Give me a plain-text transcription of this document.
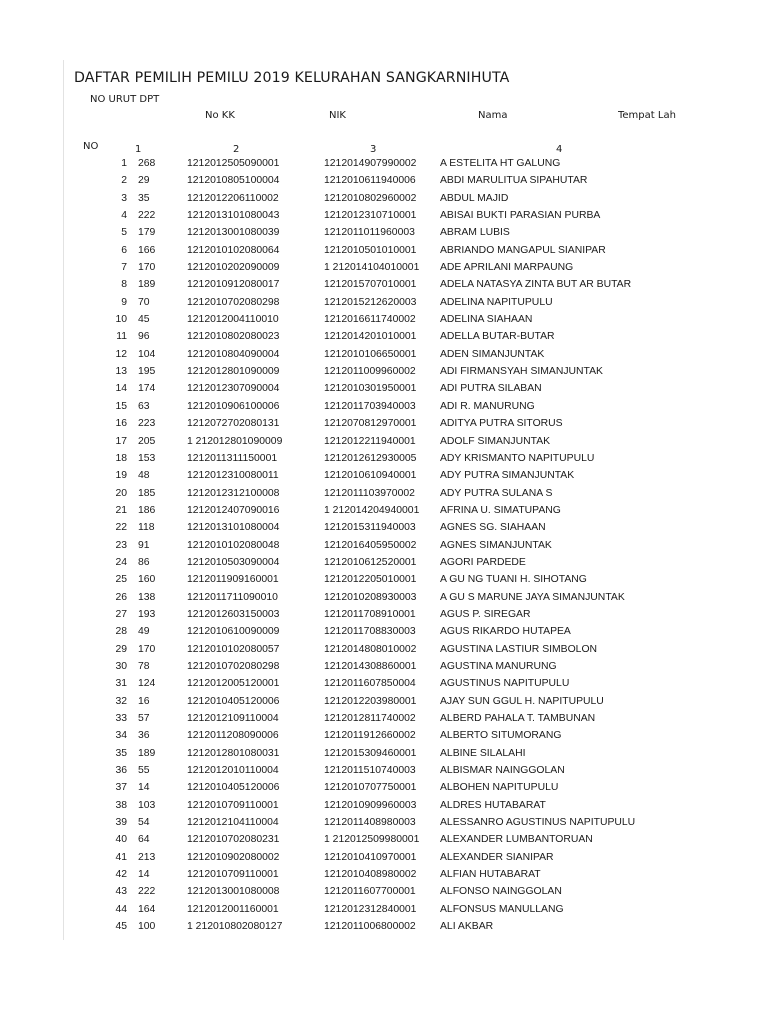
DAFTAR PEMILIH PEMILU 2019 KELURAHAN SANGKARNIHUTA
NO URUT DPT
No KK	NIK	Nama	Tempat Lah
NO	1	2	3	4
1 268	1212012505090001	1212014907990002 A ESTELITA HT GALUNG
2 29	1212010805100004	1212010611940006 ABDI MARULITUA SIPAHUTAR
3 35	1212012206110002	1212010802960002 ABDUL MAJID
4 222	1212013101080043	1212012310710001 ABISAI BUKTI PARASIAN PURBA
5 179	1212013001080039	1212011011960003 ABRAM LUBIS
6 166	1212010102080064	1212010501010001 ABRIANDO MANGAPUL SIANIPAR
7 170	1212010202090009	1 212014104010001 ADE APRILANI MARPAUNG
8 189	1212010912080017	1212015707010001 ADELA NATASYA ZINTA BUT AR BUTAR
9 70	1212010702080298	1212015212620003 ADELINA NAPITUPULU
10 45	1212012004110010	1212016611740002 ADELINA SIAHAAN
11 96	1212010802080023	1212014201010001 ADELLA BUTAR-BUTAR
12 104	1212010804090004	1212010106650001 ADEN SIMANJUNTAK
13 195	1212012801090009	1212011009960002 ADI FIRMANSYAH SIMANJUNTAK
14 174	1212012307090004	1212010301950001 ADI PUTRA SILABAN
15 63	1212010906100006	1212011703940003 ADI R. MANURUNG
16 223	1212072702080131	1212070812970001 ADITYA PUTRA SITORUS
17 205	1 212012801090009	1212012211940001 ADOLF SIMANJUNTAK
18 153	1212011311150001	1212012612930005 ADY KRISMANTO NAPITUPULU
19 48	1212012310080011	1212010610940001 ADY PUTRA SIMANJUNTAK
20 185	1212012312100008	1212011103970002 ADY PUTRA SULANA S
21 186	1212012407090016	1 212014204940001 AFRINA U. SIMATUPANG
22 118	1212013101080004	1212015311940003 AGNES SG. SIAHAAN
23 91	1212010102080048	1212016405950002 AGNES SIMANJUNTAK
24 86	1212010503090004	1212010612520001 AGORI PARDEDE
25 160	1212011909160001	1212012205010001 A GU NG TUANI H. SIHOTANG
26 138	1212011711090010	1212010208930003 A GU S MARUNE JAYA SIMANJUNTAK
27 193	1212012603150003	1212011708910001 AGUS P. SIREGAR
28 49	1212010610090009	1212011708830003 AGUS RIKARDO HUTAPEA
29 170	1212010102080057	1212014808010002 AGUSTINA LASTIUR SIMBOLON
30 78	1212010702080298	1212014308860001 AGUSTINA MANURUNG
31 124	1212012005120001	1212011607850004 AGUSTINUS NAPITUPULU
32 16	1212010405120006	1212012203980001 AJAY SUN GGUL H. NAPITUPULU
33 57	1212012109110004	1212012811740002 ALBERD PAHALA T. TAMBUNAN
34 36	1212011208090006	1212011912660002 ALBERTO SITUMORANG
35 189	1212012801080031	1212015309460001 ALBINE SILALAHI
36 55	1212012010110004	1212011510740003 ALBISMAR NAINGGOLAN
37 14	1212010405120006	1212010707750001 ALBOHEN NAPITUPULU
38 103	1212010709110001	1212010909960003 ALDRES HUTABARAT
39 54	1212012104110004	1212011408980003 ALESSANRO AGUSTINUS NAPITUPULU
40 64	1212010702080231	1 212012509980001 ALEXANDER LUMBANTORUAN
41 213	1212010902080002	1212010410970001 ALEXANDER SIANIPAR
42 14	1212010709110001	1212010408980002 ALFIAN HUTABARAT
43 222	1212013001080008	1212011607700001 ALFONSO NAINGGOLAN
44 164	1212012001160001	1212012312840001 ALFONSUS MANULLANG
45 100	1 212010802080127	1212011006800002 ALI AKBAR
